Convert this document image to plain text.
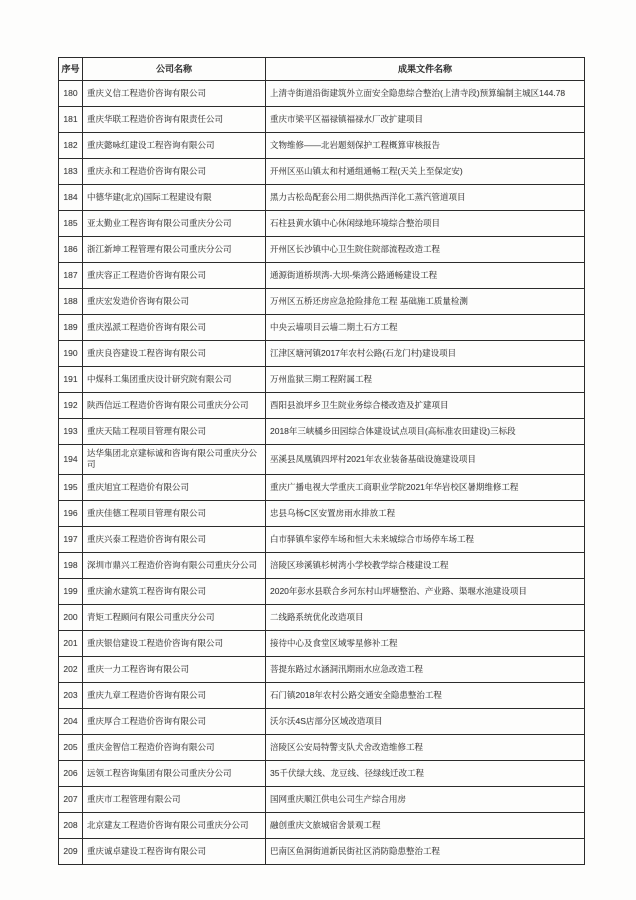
序号	公司名称	成果文件名称
180	重庆义信工程造价咨询有限公司	上清寺街道沿街建筑外立面安全隐患综合整治(上清寺段)预算编制主城区144.78
181	重庆华联工程造价咨询有限责任公司	重庆市梁平区福禄镇福禄水厂改扩建项目
182	重庆懿咏红建设工程咨询有限公司	文物维修——北岩题刻保护工程概算审核报告
183	重庆永和工程造价咨询有限公司	开州区巫山镇太和村通组通畅工程(天关上至保定安)
184	中德华建(北京)国际工程建设有限	黑力古松岛配套公用二期供热西洋化工蒸汽管道项目
185	亚太勤业工程咨询有限公司重庆分公司	石柱县黄水镇中心休闲绿地环境综合整治项目
186	浙江新坤工程管理有限公司重庆分公司	开州区长沙镇中心卫生院住院部流程改造工程
187	重庆容正工程造价咨询有限公司	通源街道桥坝湾-大坝-柴湾公路通畅建设工程
188	重庆宏发造价咨询有限公司	万州区五桥还房应急抢险排危工程 基础施工质量检测
189	重庆泓派工程造价咨询有限公司	中央云墙项目云墙二期土石方工程
190	重庆良咨建设工程咨询有限公司	江津区塘河镇2017年农村公路(石龙门村)建设项目
191	中煤科工集团重庆设计研究院有限公司	万州监狱三期工程附属工程
192	陕西信远工程造价咨询有限公司重庆分公司	酉阳县浪坪乡卫生院业务综合楼改造及扩建项目
193	重庆天陆工程项目管理有限公司	2018年三峡橘乡田园综合体建设试点项目(高标准农田建设)三标段
194	达华集团北京建标诚和咨询有限公司重庆分公司	巫溪县凤凰镇四坪村2021年农业装备基础设施建设项目
195	重庆旭宜工程造价有限公司	重庆广播电视大学重庆工商职业学院2021年华岩校区暑期维修工程
196	重庆佳德工程项目管理有限公司	忠县乌杨C区安置房雨水排放工程
197	重庆兴泰工程造价咨询有限公司	白市驿镇牟家停车场和恒大未来城综合市场停车场工程
198	深圳市鼎兴工程造价咨询有限公司重庆分公司	涪陵区珍溪镇杉树湾小学校教学综合楼建设工程
199	重庆渝水建筑工程咨询有限公司	2020年彭水县联合乡河东村山坪塘整治、产业路、渠堰水池建设项目
200	青矩工程顾问有限公司重庆分公司	二线路系统优化改造项目
201	重庆银信建设工程造价咨询有限公司	接待中心及食堂区域零星修补工程
202	重庆一力工程咨询有限公司	菩提东路过水涵洞汛期雨水应急改造工程
203	重庆九章工程造价咨询有限公司	石门镇2018年农村公路交通安全隐患整治工程
204	重庆厚合工程造价咨询有限公司	沃尔沃4S店部分区域改造项目
205	重庆金智信工程造价咨询有限公司	涪陵区公安局特警支队犬舍改造维修工程
206	远领工程咨询集团有限公司重庆分公司	35千伏绿大线、龙豆线、径绿线迁改工程
207	重庆市工程管理有限公司	国网重庆顺江供电公司生产综合用房
208	北京建友工程造价咨询有限公司重庆分公司	融创重庆文旅城宿舍景观工程
209	重庆诚卓建设工程咨询有限公司	巴南区鱼洞街道新民街社区消防隐患整治工程
